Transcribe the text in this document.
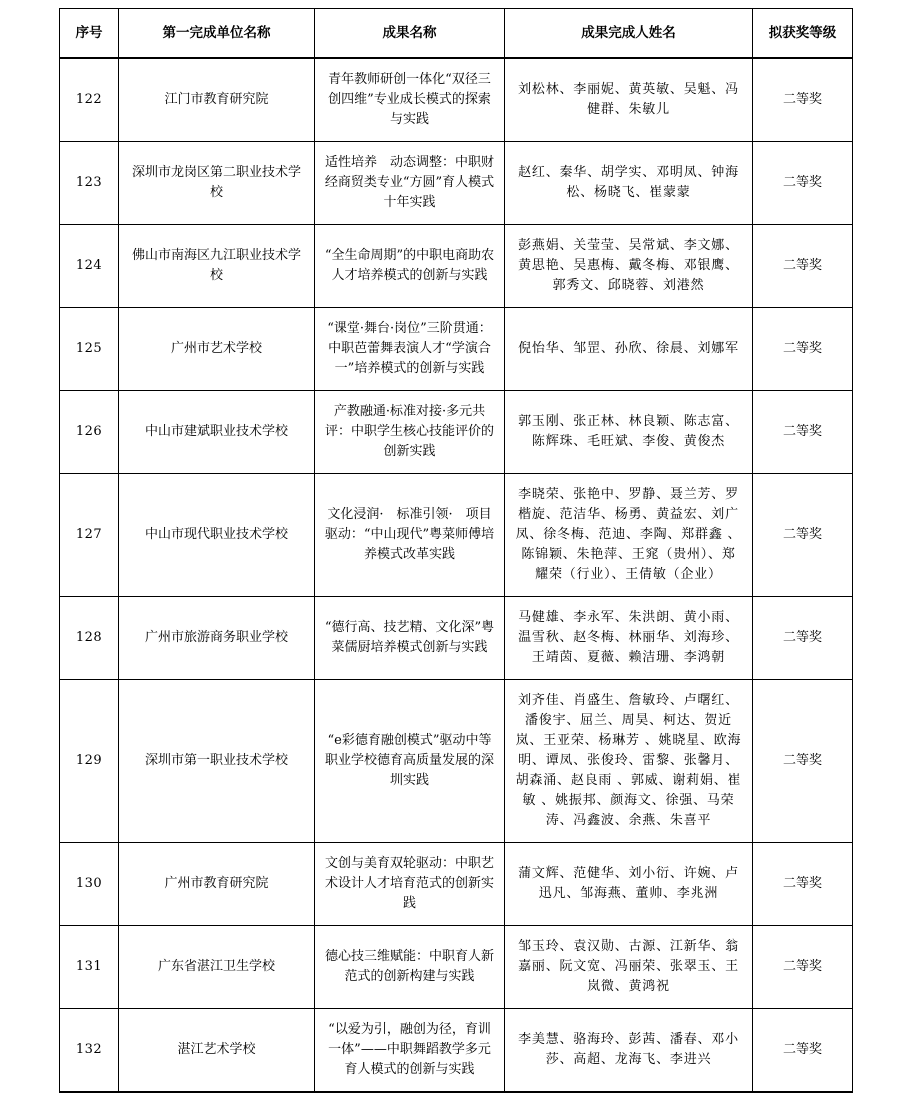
序号	第一完成单位名称	成果名称	成果完成人姓名	拟获奖等级
122	江门市教育研究院	青年教师研创一体化“双径三创四维”专业成长模式的探索与实践	刘松林、李丽妮、黄英敏、吴魁、冯健群、朱敏儿	二等奖
123	深圳市龙岗区第二职业技术学校	适性培养　动态调整：中职财经商贸类专业“方圆”育人模式十年实践	赵红、秦华、胡学实、邓明凤、钟海松、杨晓飞、崔蒙蒙	二等奖
124	佛山市南海区九江职业技术学校	“全生命周期”的中职电商助农人才培养模式的创新与实践	彭燕娟、关莹莹、吴常斌、李文娜、黄思艳、吴惠梅、戴冬梅、邓银鹰、郭秀文、邱晓蓉、刘港然	二等奖
125	广州市艺术学校	“课堂·舞台·岗位”三阶贯通：中职芭蕾舞表演人才“学演合一”培养模式的创新与实践	倪怡华、邹罡、孙欣、徐晨、刘娜军	二等奖
126	中山市建斌职业技术学校	产教融通·标准对接·多元共评：中职学生核心技能评价的创新实践	郭玉刚、张正林、林良颖、陈志富、陈辉珠、毛旺斌、李俊、黄俊杰	二等奖
127	中山市现代职业技术学校	文化浸润·　标准引领·　项目驱动：“中山现代”粤菜师傅培养模式改革实践	李晓荣、张艳中、罗静、聂兰芳、罗楷旋、范洁华、杨勇、黄益宏、刘广凤、徐冬梅、范迪、李陶、郑群鑫 、陈锦颖、朱艳萍、王窕（贵州）、郑 耀荣（行业）、王倩敏（企业）	二等奖
128	广州市旅游商务职业学校	“德行高、技艺精、文化深”粤菜儒厨培养模式创新与实践	马健雄、李永军、朱洪朗、黄小雨、温雪秋、赵冬梅、林丽华、刘海珍、王靖茵、夏薇、赖洁珊、李鸿朝	二等奖
129	深圳市第一职业技术学校	“e彩德育融创模式”驱动中等职业学校德育高质量发展的深圳实践	刘齐佳、肖盛生、詹敏玲、卢曙红、潘俊宇、屈兰、周昊、柯达、贺近岚、王亚荣、杨琳芳 、姚晓星、欧海明、谭凤、张俊玲、雷黎、张馨月、胡森涌、赵良雨 、郭威、谢莉娟、崔敏 、姚振邦、颜海文、徐强、马荣涛、冯鑫波、余燕、朱喜平	二等奖
130	广州市教育研究院	文创与美育双轮驱动：中职艺术设计人才培育范式的创新实践	蒲文辉、范健华、刘小衍、许婉、卢迅凡、邹海燕、董帅、李兆洲	二等奖
131	广东省湛江卫生学校	德心技三维赋能：中职育人新范式的创新构建与实践	邹玉玲、袁汉勋、古源、江新华、翁嘉丽、阮文宽、冯丽荣、张翠玉、王岚微、黄鸿祝	二等奖
132	湛江艺术学校	“以爱为引，融创为径，育训一体”——中职舞蹈教学多元育人模式的创新与实践	李美慧、骆海玲、彭茜、潘春、邓小莎、高超、龙海飞、李进兴	二等奖
